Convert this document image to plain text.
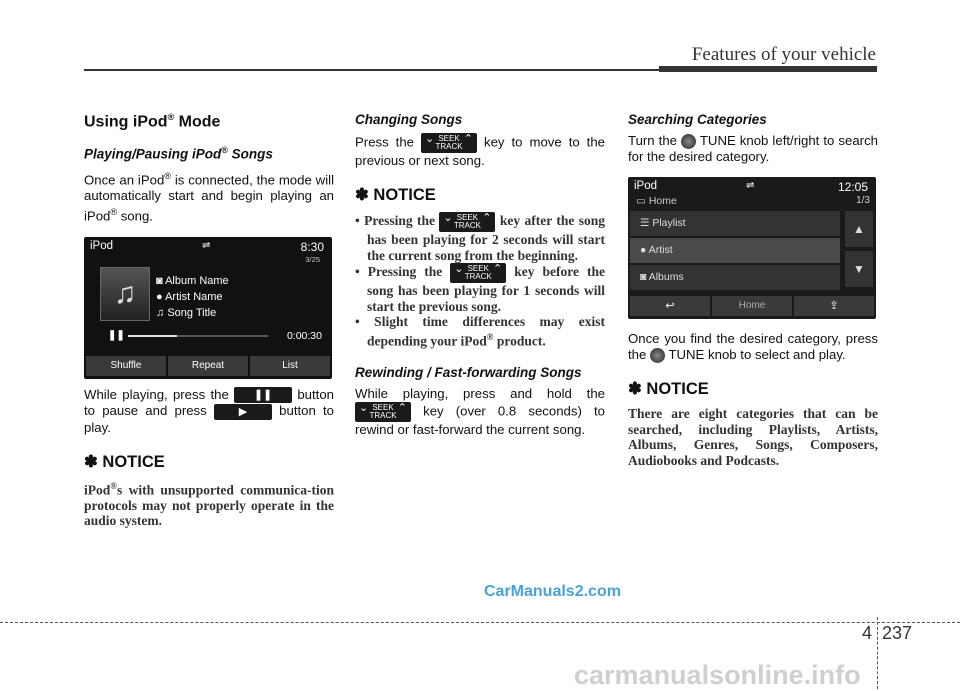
Features of your vehicle
Using iPod® Mode
Playing/Pausing iPod® Songs

Once an iPod® is connected, the mode will automatically start and begin playing an iPod® song.

iPod	⇌	8:30
3/25
♫	◙ Album Name
● Artist Name
♫ Song Title
❚❚	0:00:30
Shuffle	Repeat	List

While playing, press the ❚❚ button to pause and press	▶ button to play.

✽ NOTICE

iPod®s with unsupported communica-tion protocols may not properly operate in the audio system.

Changing Songs

Press the ⌄ SEEK
TRACK
⌃ key to move to the previous or next song.

✽ NOTICE
• Pressing the ⌄ SEEK
TRACK
⌃ key after the song has been playing for 2 seconds will start the current song from the beginning.
• Pressing the ⌄ SEEK
TRACK
⌃ key before the song has been playing for 1 seconds will start the previous song.
• Slight time differences may exist depending your iPod® product.
Rewinding / Fast-forwarding Songs

While playing, press and hold the
⌄ SEEK
TRACK
⌃ key (over 0.8 seconds) to rewind or fast-forward the current song.

Searching Categories

Turn the TUNE knob left/right to search for the desired category.

iPod	⇌	12:05
▭ Home	1/3
☰ Playlist
● Artist
◙ Albums
▲
▼
↩	Home	⇪

Once you find the desired category, press the TUNE knob to select and play.

✽ NOTICE

There are eight categories that can be searched, including Playlists, Artists, Albums, Genres, Songs, Composers, Audiobooks and Podcasts.

CarManuals2.com
4 237
carmanualsonline.info
